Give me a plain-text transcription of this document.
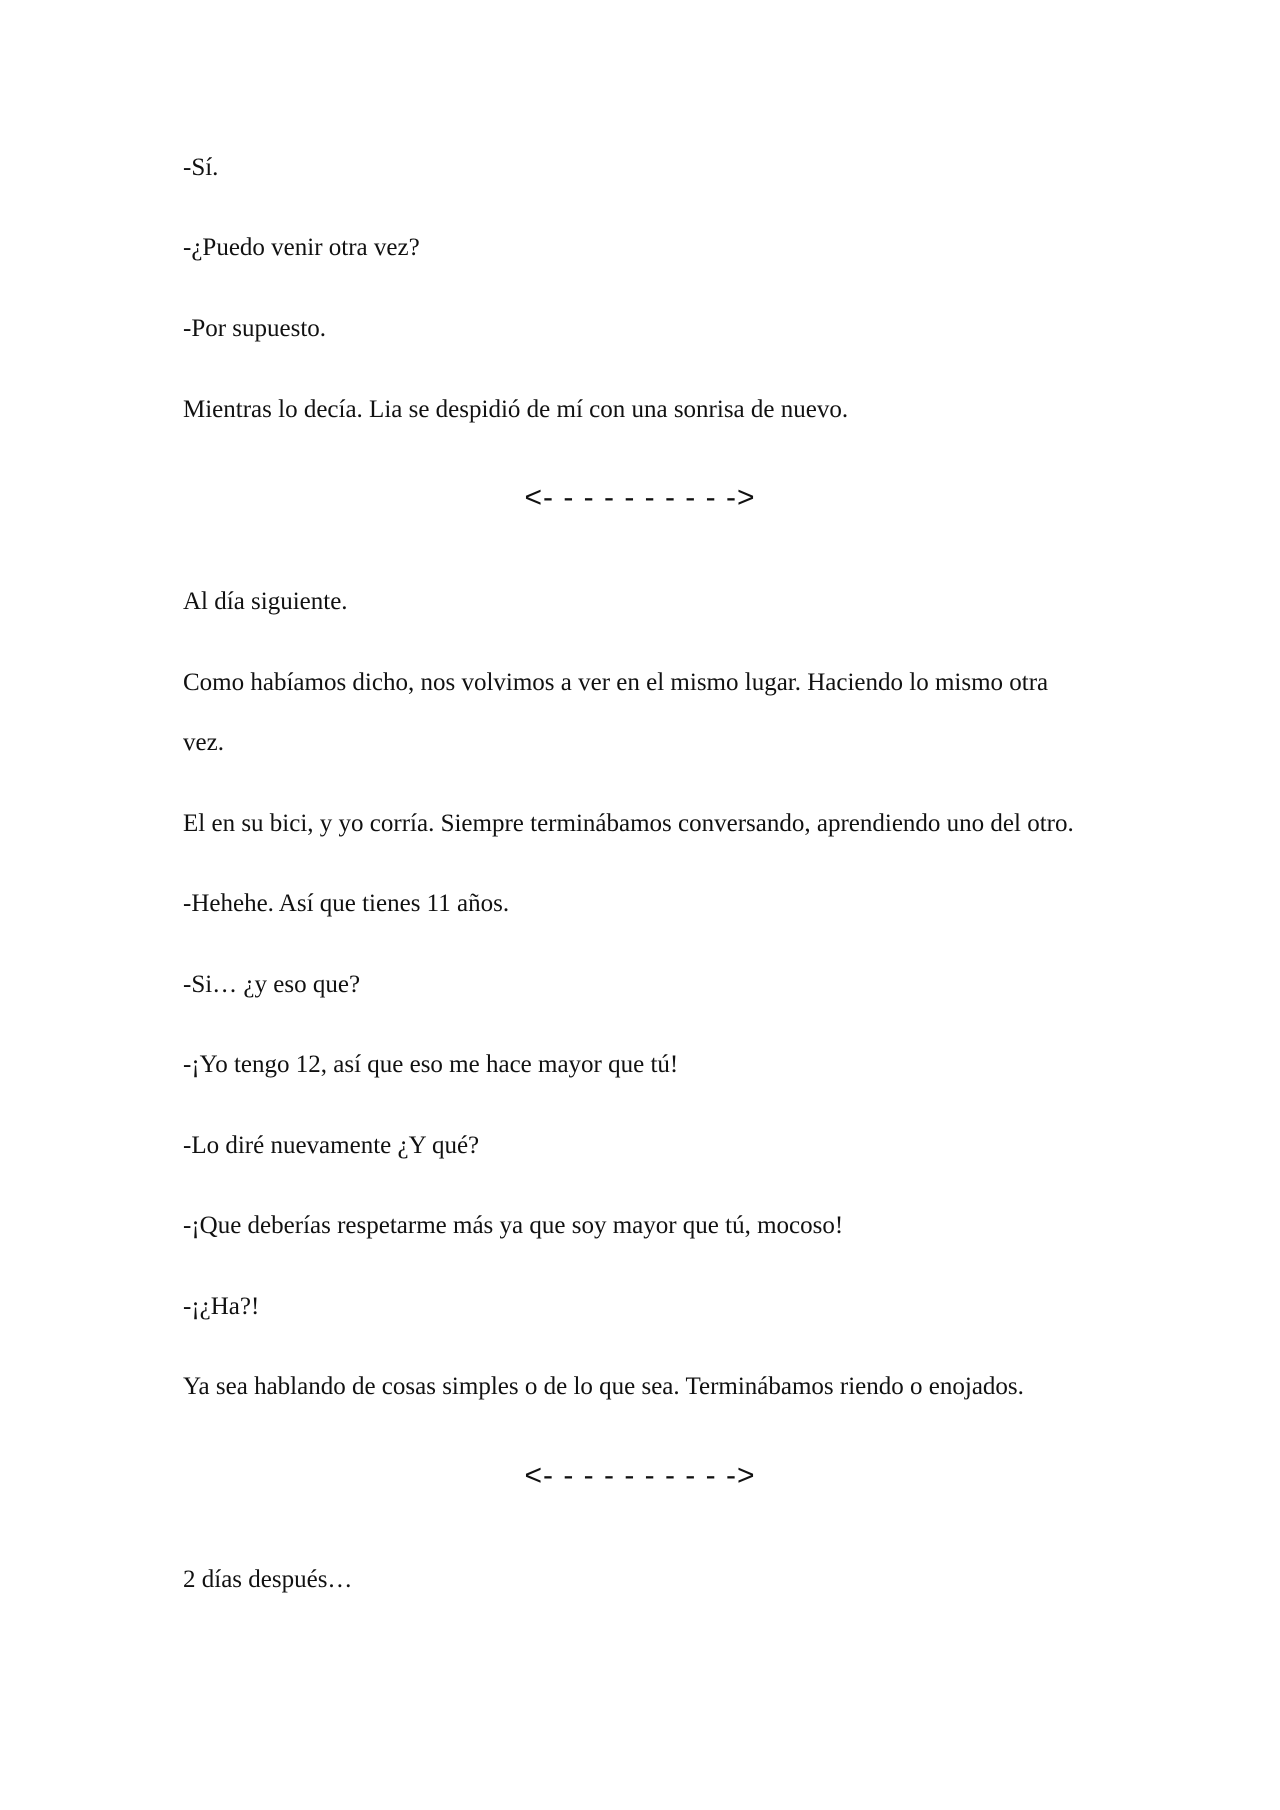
-Sí.
-¿Puedo venir otra vez?
-Por supuesto.
Mientras lo decía. Lia se despidió de mí con una sonrisa de nuevo.
<- - - - - - - - - ->
Al día siguiente.
Como habíamos dicho, nos volvimos a ver en el mismo lugar. Haciendo lo mismo otra
vez.
El en su bici, y yo corría. Siempre terminábamos conversando, aprendiendo uno del otro.
-Hehehe. Así que tienes 11 años.
-Si… ¿y eso que?
-¡Yo tengo 12, así que eso me hace mayor que tú!
-Lo diré nuevamente ¿Y qué?
-¡Que deberías respetarme más ya que soy mayor que tú, mocoso!
-¡¿Ha?!
Ya sea hablando de cosas simples o de lo que sea. Terminábamos riendo o enojados.
<- - - - - - - - - ->
2 días después…
